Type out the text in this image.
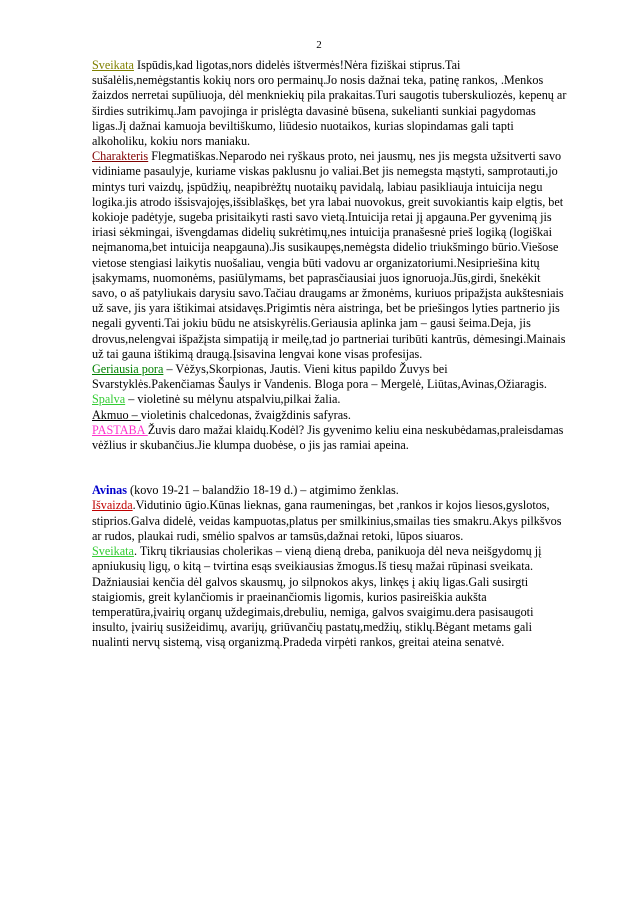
2

Sveikata Ispūdis,kad ligotas,nors didelės ištvermės!Nėra fiziškai stiprus.Tai sušalėlis,nemėgstantis kokių nors oro permainų.Jo nosis dažnai teka, patinę rankos, .Menkos žaizdos nerretai supūliuoja, dėl menkniekių pila prakaitas.Turi saugotis tuberskuliozės, kepenų ar širdies sutrikimų.Jam pavojinga ir prislėgta davasinė būsena, sukelianti sunkiai pagydomas ligas.Jį dažnai kamuoja beviltiškumo, liūdesio nuotaikos, kurias slopindamas gali tapti alkoholiku, kokiu nors maniaku.

Charakteris Flegmatiškas.Neparodo nei ryškaus proto, nei jausmų, nes jis megsta užsitverti savo vidiniame pasaulyje, kuriame viskas paklusnu jo valiai.Bet jis nemegsta mąstyti, samprotauti,jo mintys turi vaizdų, įspūdžių, neapibrėžtų nuotaikų pavidalą, labiau pasikliauja intuicija negu logika.jis atrodo išsisvajojęs,išsiblaškęs, bet yra labai nuovokus, greit suvokiantis kaip elgtis, bet kokioje padėtyje, sugeba prisitaikyti rasti savo vietą.Intuicija retai jį apgauna.Per gyvenimą jis iriasi sėkmingai, išvengdamas didelių sukrėtimų,nes intuicija pranašesnė prieš logiką (logiškai neįmanoma,bet intuicija neapgauna).Jis susikaupęs,nemėgsta didelio triukšmingo būrio.Viešose vietose stengiasi laikytis nuošaliau, vengia būti vadovu ar organizatoriumi.Nesipriešina kitų įsakymams, nuomonėms, pasiūlymams, bet paprasčiausiai juos ignoruoja.Jūs,girdi, šnekėkit savo, o aš patyliukais darysiu savo.Tačiau draugams ar žmonėms, kuriuos pripažįsta aukštesniais už save, jis yara ištikimai atsidavęs.Prigimtis nėra aistringa, bet be priešingos lyties partnerio jis negali gyventi.Tai jokiu būdu ne atsiskyrėlis.Geriausia aplinka jam – gausi šeima.Deja, jis drovus,nelengvai išpažįsta simpatiją ir meilę,tad jo partneriai turibūti kantrūs, dėmesingi.Mainais už tai gauna ištikimą draugą.Įsisavina lengvai kone visas profesijas.

Geriausia pora – Vėžys,Skorpionas, Jautis. Vieni kitus papildo Žuvys bei Svarstyklės.Pakenčiamas Šaulys ir Vandenis. Bloga pora – Mergelė, Liūtas,Avinas,Ožiaragis.

Spalva – violetinė su mėlynu atspalviu,pilkai žalia.

Akmuo – violetinis chalcedonas, žvaigždinis safyras.

PASTABA Žuvis daro mažai klaidų.Kodėl? Jis gyvenimo keliu eina neskubėdamas,praleisdamas vėžlius ir skubančius.Jie klumpa duobėse, o jis jas ramiai apeina.

Avinas (kovo 19-21 – balandžio 18-19 d.) – atgimimo ženklas.

Išvaizda.Vidutinio ūgio.Kūnas lieknas, gana raumeningas, bet ,rankos ir kojos liesos,gyslotos, stiprios.Galva didelė, veidas kampuotas,platus per smilkinius,smailas ties smakru.Akys pilkšvos ar rudos, plaukai rudi, smėlio spalvos ar tamsūs,dažnai retoki, lūpos siuaros.

Sveikata. Tikrų tikriausias cholerikas – vieną dieną dreba, panikuoja dėl neva neišgydomų jį apniukusių ligų, o kitą – tvirtina esąs sveikiausias žmogus.Iš tiesų mažai rūpinasi sveikata. Dažniausiai kenčia dėl galvos skausmų, jo silpnokos akys, linkęs į akių ligas.Gali susirgti staigiomis, greit kylančiomis ir praeinančiomis ligomis, kurios pasireiškia aukšta temperatūra,įvairių organų uždegimais,drebuliu, nemiga, galvos svaigimu.dera pasisaugoti insulto, įvairių susižeidimų, avarijų, griūvančių pastatų,medžių, stiklų.Bėgant metams gali nualinti nervų sistemą, visą organizmą.Pradeda virpėti rankos, greitai ateina senatvė.
